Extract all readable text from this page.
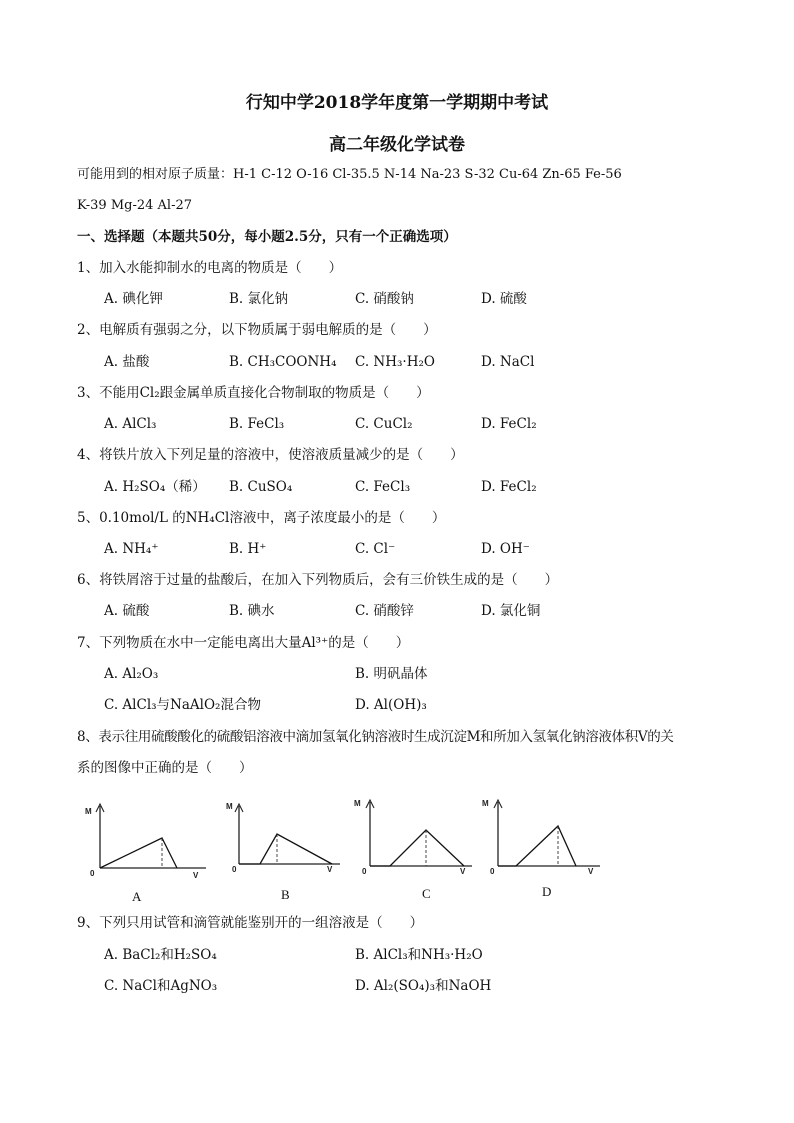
行知中学2018学年度第一学期期中考试
高二年级化学试卷
可能用到的相对原子质量：H-1 C-12 O-16 Cl-35.5 N-14 Na-23 S-32 Cu-64 Zn-65 Fe-56
K-39 Mg-24 Al-27
一、选择题（本题共50分，每小题2.5分，只有一个正确选项）
1、加入水能抑制水的电离的物质是（　　）
A. 碘化钾	B. 氯化钠	C. 硝酸钠	D. 硫酸
2、电解质有强弱之分，以下物质属于弱电解质的是（　　）
A. 盐酸	B. CH₃COONH₄ C. NH₃·H₂O	D. NaCl
3、不能用Cl₂跟金属单质直接化合物制取的物质是（　　）
A. AlCl₃	B. FeCl₃	C. CuCl₂	D. FeCl₂
4、将铁片放入下列足量的溶液中，使溶液质量减少的是（　　）
A. H₂SO₄（稀） B. CuSO₄	C. FeCl₃	D. FeCl₂
5、0.10mol/L 的NH₄Cl溶液中，离子浓度最小的是（　　）
A. NH₄⁺	B. H⁺	C. Cl⁻	D. OH⁻
6、将铁屑溶于过量的盐酸后，在加入下列物质后，会有三价铁生成的是（　　）
A. 硫酸	B. 碘水	C. 硝酸锌	D. 氯化铜
7、下列物质在水中一定能电离出大量Al³⁺的是（　　）
A. Al₂O₃	B. 明矾晶体
C. AlCl₃与NaAlO₂混合物	D. Al(OH)₃
8、表示往用硫酸酸化的硫酸铝溶液中滴加氢氧化钠溶液时生成沉淀M和所加入氢氧化钠溶液体积V的关
系的图像中正确的是（　　）
M
0	V
A
M
0	V
B
M
0	V
C
M
0	V
D
9、下列只用试管和滴管就能鉴别开的一组溶液是（　　）
A. BaCl₂和H₂SO₄	B. AlCl₃和NH₃·H₂O
C. NaCl和AgNO₃	D. Al₂(SO₄)₃和NaOH
